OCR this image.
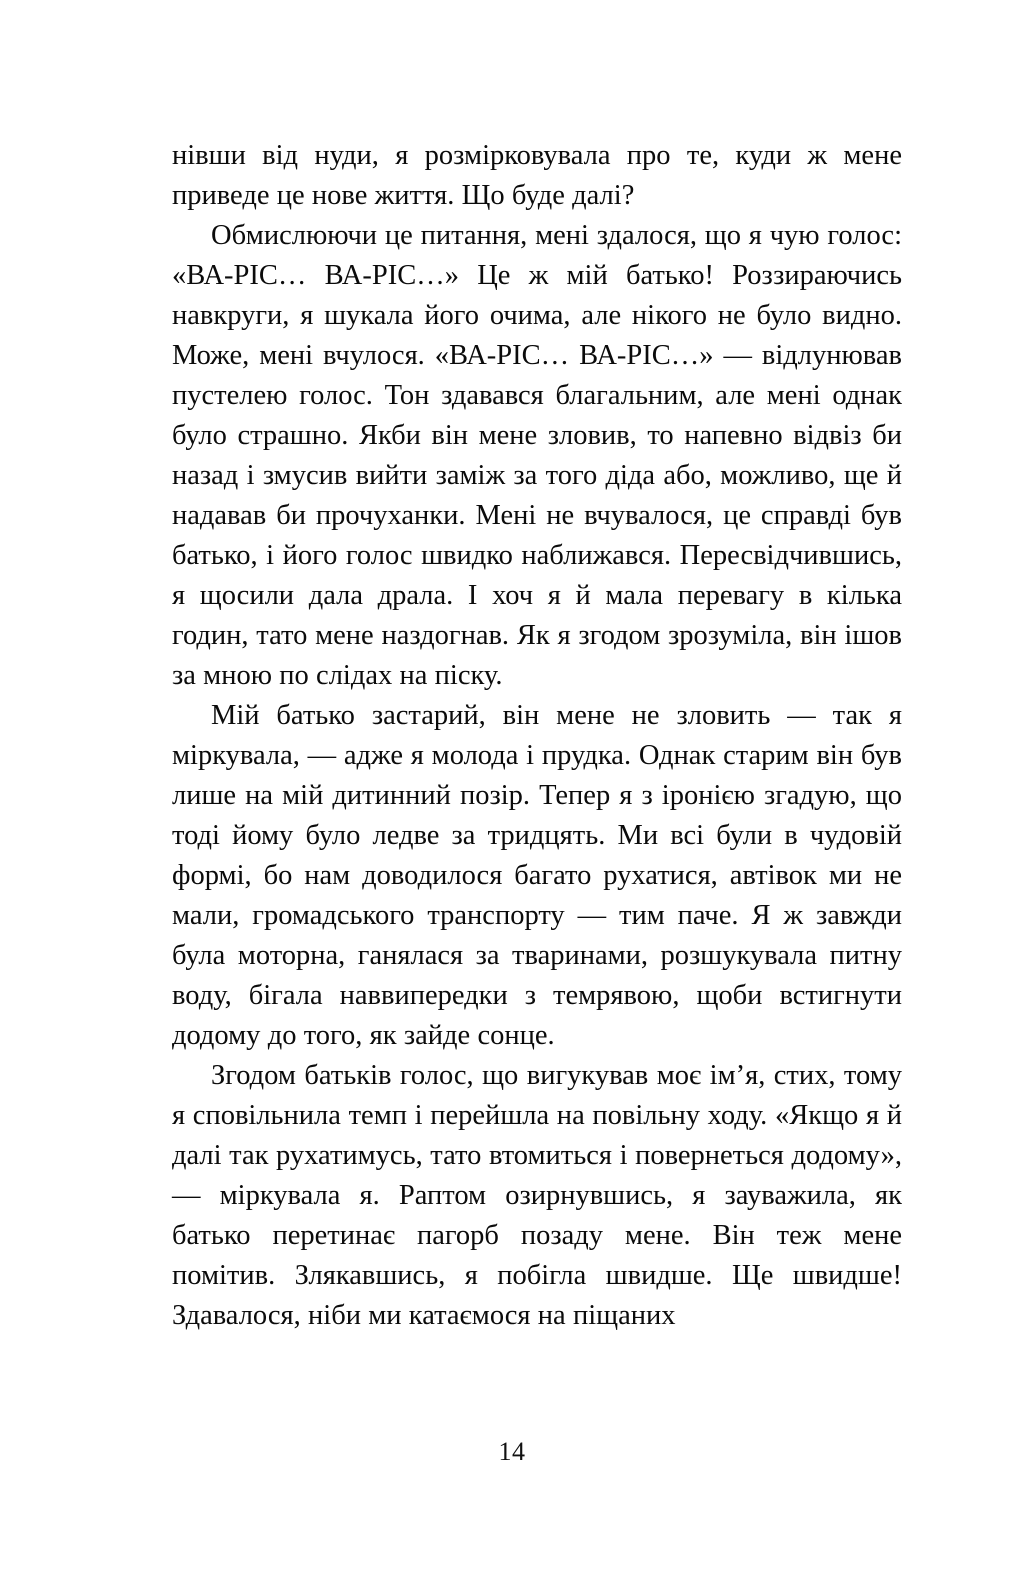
нівши від нуди, я розмірковувала про те, куди ж мене приведе це нове життя. Що буде далі?

Обмислюючи це питання, мені здалося, що я чую голос: «ВА-РІС… ВА-РІС…» Це ж мій батько! Роззираючись навкруги, я шукала його очима, але нікого не було видно. Може, мені вчулося. «ВА-РІС… ВА-РІС…» — відлунював пустелею голос. Тон здавався благальним, але мені однак було страшно. Якби він мене зловив, то напевно відвіз би назад і змусив вийти заміж за того діда або, можливо, ще й надавав би прочуханки. Мені не вчувалося, це справді був батько, і його голос швидко наближався. Пересвідчившись, я щосили дала драла. І хоч я й мала перевагу в кілька годин, тато мене наздогнав. Як я згодом зрозуміла, він ішов за мною по слідах на піску.

Мій батько застарий, він мене не зловить — так я міркувала, — адже я молода і прудка. Однак старим він був лише на мій дитинний позір. Тепер я з іронією згадую, що тоді йому було ледве за тридцять. Ми всі були в чудовій формі, бо нам доводилося багато рухатися, автівок ми не мали, громадського транспорту — тим паче. Я ж завжди була моторна, ганялася за тваринами, розшукувала питну воду, бігала наввипередки з темрявою, щоби встигнути додому до того, як зайде сонце.

Згодом батьків голос, що вигукував моє ім’я, стих, тому я сповільнила темп і перейшла на повільну ходу. «Якщо я й далі так рухатимусь, тато втомиться і повернеться додому», — міркувала я. Раптом озирнувшись, я зауважила, як батько перетинає пагорб позаду мене. Він теж мене помітив. Злякавшись, я побігла швидше. Ще швидше! Здавалося, ніби ми катаємося на піщаних

14
